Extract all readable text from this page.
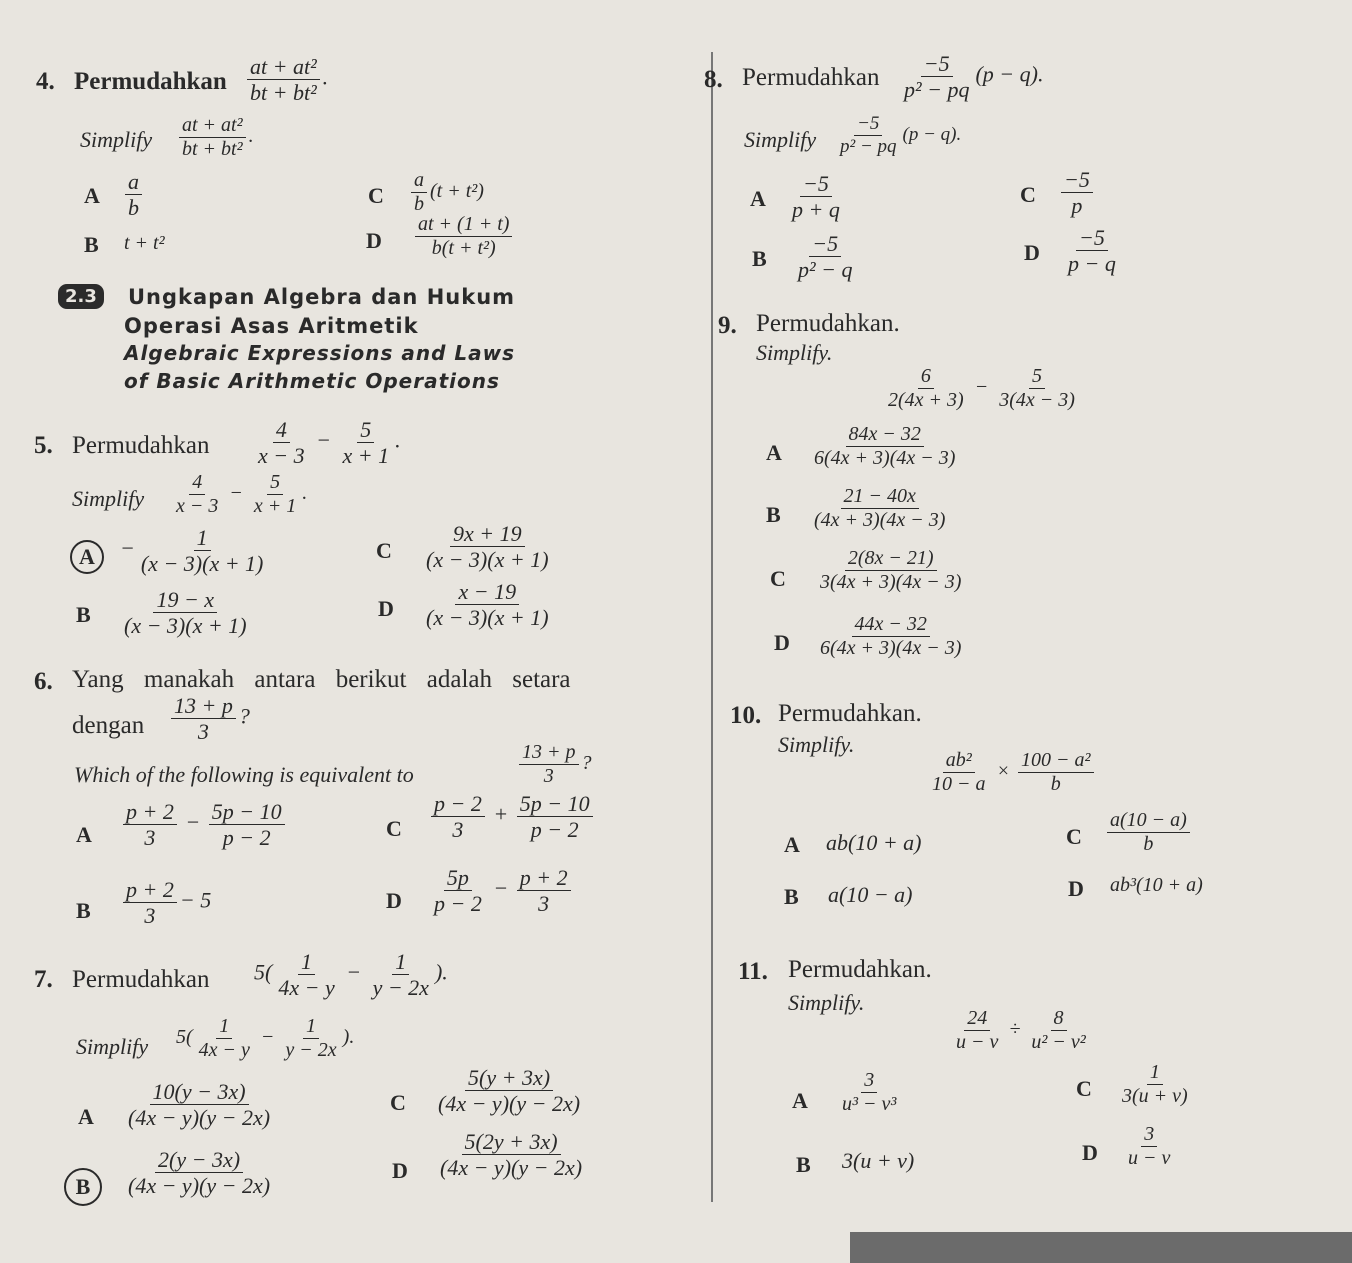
4. Permudahkan $\frac{\text{at + at²}}{\text{bt + bt²}}$ .
Simplify $\frac{\text{at + at²}}{\text{bt + bt²}}$ .
A $\frac{a}{b}$	C $\frac{a}{b} (t + t^2)$
B t + t²	D $\frac{at + (1 + t)}{\text{b(t + t²)}}$
2.3	Ungkapan Algebra dan Hukum
Operasi Asas Aritmetik
Algebraic Expressions and Laws
of Basic Arithmetic Operations
5. Permudahkan $\frac{4}{x - 3} - \frac{5}{x + 1}$ .
Simplify $\frac{4}{x - 3} - \frac{5}{x + 1}$ .
$A - \frac{1}{(x - 3)(x + 1)}$	C $\frac{9x + 19}{(x - 3)(x + 1)}$
B $\frac{19 - x}{(x - 3)(x + 1)}$	D $\frac{x - 19}{(x - 3)(x + 1)}$
6. Yang manakah antara berikut adalah setara
dengan $\frac{13 + p}{3}$ ?
Which of the following is equivalent to	$\frac{13 + p}{3}$ ?
A $\frac{p + 2}{3} - \frac{5p - 10}{p - 2}$	C $\frac{p - 2}{3} + \frac{5p - 10}{p - 2}$
B $\frac{p + 2}{3} - 5$	D $\frac{5p}{p - 2} - \frac{p + 2}{3}$
7. Permudahkan $5( \frac{1}{4x - y} - \frac{1}{y - 2x}$ ).
Simplify $5( \frac{1}{4x - y} - \frac{1}{y - 2x}$ ).
A $\frac{10(y - 3x)}{(4x - y)(y - 2x)}$	C $\frac{5(y + 3x)}{(4x - y)(y - 2x)}$
B $\frac{2(y - 3x)}{(4x - y)(y - 2x)}$	D $\frac{5(2y + 3x)}{(4x - y)(y - 2x)}$
8. Permudahkan $\frac{-5}{\text{p² − pq}} (p - q)$.
Simplify $\frac{-5}{\text{p² − pq}} (p - q)$.
A $\frac{-5}{p + q}$	C $\frac{-5}{p}$
B $\frac{-5}{\text{p² − q}}$	D $\frac{-5}{p - q}$
9. Permudahkan.
Simplify.
$\frac{6}{2(4x + 3)} - \frac{5}{3(4x - 3)}$
A $\frac{84x - 32}{6(4x + 3)(4x - 3)}$
B $\frac{21 - 40x}{(4x + 3)(4x - 3)}$
C $\frac{2(8x - 21)}{3(4x + 3)(4x - 3)}$
D $\frac{44x - 32}{6(4x + 3)(4x - 3)}$
10. Permudahkan.
Simplify.
$\frac{\text{ab²}}{10 - a} \times \frac{\text{100 − a²}}{b}$
A ab(10 + a)	C $\frac{a(10 - a)}{b}$
B a(10 − a)	D ab³(10 + a)
11. Permudahkan.
Simplify.
$\frac{24}{u - v} \div \frac{8}{\text{u² − v²}}$
A $\frac{3}{\text{u³ − v³}}$	C $\frac{1}{3(u + v)}$
B 3(u + v)	D $\frac{3}{u - v}$
